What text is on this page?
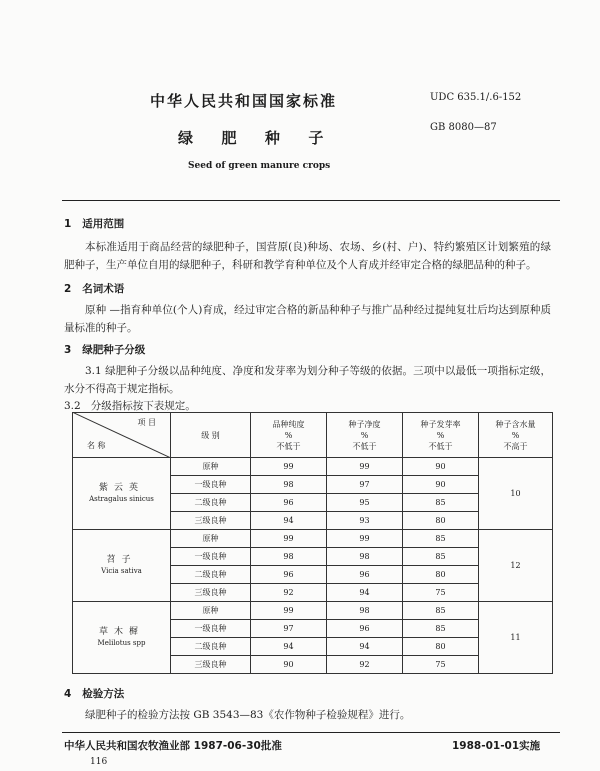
中华人民共和国国家标准	UDC 635.1/.6-152
GB 8080—87
绿  肥  种  子
Seed of green manure crops
1   适用范围
本标准适用于商品经营的绿肥种子，国营原(良)种场、农场、乡(村、户)、特约繁殖区计划繁殖的绿肥种子，生产单位自用的绿肥种子，科研和教学育种单位及个人育成并经审定合格的绿肥品种的种子。
2   名词术语
原种 —指育种单位(个人)育成，经过审定合格的新品种种子与推广品种经过提纯复壮后均达到原种质量标准的种子。
3   绿肥种子分级
3.1 绿肥种子分级以品种纯度、净度和发芽率为划分种子等级的依据。三项中以最低一项指标定级，水分不得高于规定指标。
3.2   分级指标按下表规定。
项 目
名 称	级 别	品种纯度
%
不低于	种子净度
%
不低于	种子发芽率
%
不低于	种子含水量
%
不高于

紫云英
Astragalus sinicus	原种	99	99	90	10
	一级良种	98	97	90	
	二级良种	96	95	85	
	三级良种	94	93	80	

苕子
Vicia sativa	原种	99	99	85	12
	一级良种	98	98	85	
	二级良种	96	96	80	
	三级良种	92	94	75	

草木樨
Melilotus spp	原种	99	98	85	11
	一级良种	97	96	85	
	二级良种	94	94	80	
	三级良种	90	92	75	
4   检验方法
绿肥种子的检验方法按 GB 3543—83《农作物种子检验规程》进行。
中华人民共和国农牧渔业部 1987-06-30批准	1988-01-01实施
116
